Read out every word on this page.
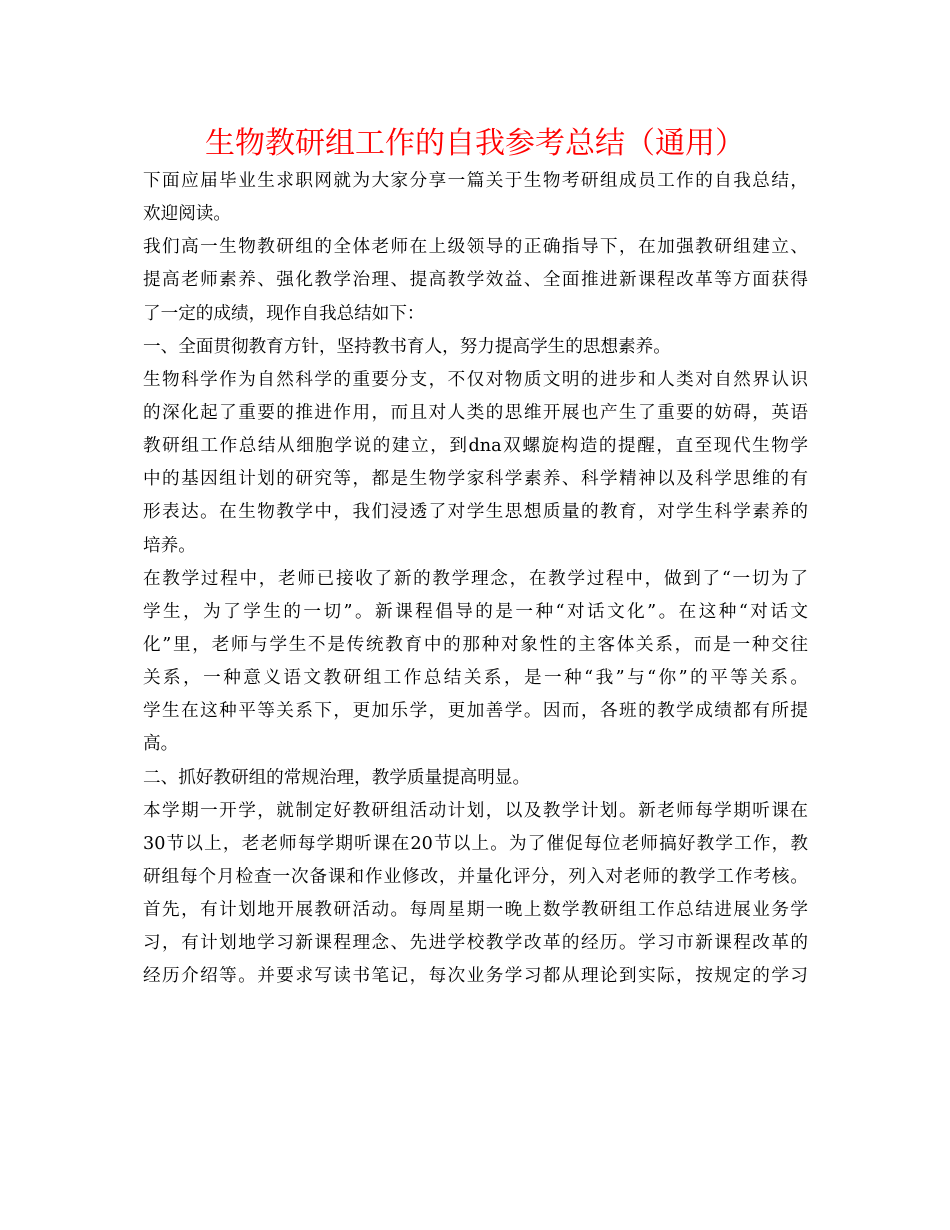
生物教研组工作的自我参考总结（通用）
下面应届毕业生求职网就为大家分享一篇关于生物考研组成员工作的自我总结，
欢迎阅读。
我们高一生物教研组的全体老师在上级领导的正确指导下，在加强教研组建立、
提高老师素养、强化教学治理、提高教学效益、全面推进新课程改革等方面获得
了一定的成绩，现作自我总结如下：
一、全面贯彻教育方针，坚持教书育人，努力提高学生的思想素养。
生物科学作为自然科学的重要分支，不仅对物质文明的进步和人类对自然界认识
的深化起了重要的推进作用，而且对人类的思维开展也产生了重要的妨碍，英语
教研组工作总结从细胞学说的建立，到dna双螺旋构造的提醒，直至现代生物学
中的基因组计划的研究等，都是生物学家科学素养、科学精神以及科学思维的有
形表达。在生物教学中，我们浸透了对学生思想质量的教育，对学生科学素养的
培养。
在教学过程中，老师已接收了新的教学理念，在教学过程中，做到了“一切为了
学生，为了学生的一切”。新课程倡导的是一种“对话文化”。在这种“对话文
化”里，老师与学生不是传统教育中的那种对象性的主客体关系，而是一种交往
关系，一种意义语文教研组工作总结关系，是一种“我”与“你”的平等关系。
学生在这种平等关系下，更加乐学，更加善学。因而，各班的教学成绩都有所提
高。
二、抓好教研组的常规治理，教学质量提高明显。
本学期一开学，就制定好教研组活动计划，以及教学计划。新老师每学期听课在
30节以上，老老师每学期听课在20节以上。为了催促每位老师搞好教学工作，教
研组每个月检查一次备课和作业修改，并量化评分，列入对老师的教学工作考核。
首先，有计划地开展教研活动。每周星期一晚上数学教研组工作总结进展业务学
习，有计划地学习新课程理念、先进学校教学改革的经历。学习市新课程改革的
经历介绍等。并要求写读书笔记，每次业务学习都从理论到实际，按规定的学习
